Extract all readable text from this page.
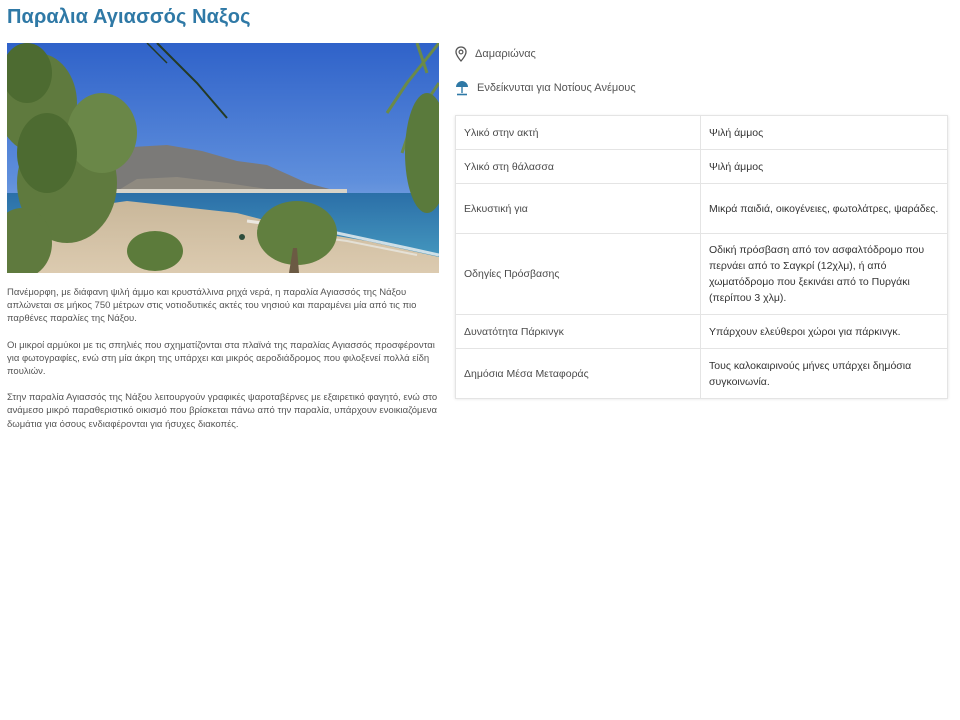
Παραλια Αγιασσός Ναξος

Πανέμορφη, με διάφανη ψιλή άμμο και κρυστάλλινα ρηχά νερά, η παραλία Αγιασσός της Νάξου απλώνεται σε μήκος 750 μέτρων στις νοτιοδυτικές ακτές του νησιού και παραμένει μία από τις πιο παρθένες παραλίες της Νάξου.

Οι μικροί αρμύκοι με τις σπηλιές που σχηματίζονται στα πλαϊνά της παραλίας Αγιασσός προσφέρονται για φωτογραφίες, ενώ στη μία άκρη της υπάρχει και μικρός αεροδιάδρομος που φιλοξενεί πολλά είδη πουλιών.

Στην παραλία Αγιασσός της Νάξου λειτουργούν γραφικές ψαροταβέρνες με εξαιρετικό φαγητό, ενώ στο ανάμεσο μικρό παραθεριστικό οικισμό που βρίσκεται πάνω από την παραλία, υπάρχουν ενοικιαζόμενα δωμάτια για όσους ενδιαφέρονται για ήσυχες διακοπές.

Δαμαριώνας
Ενδείκνυται για Νοτίους Ανέμους
Υλικό στην ακτή	Ψιλή άμμος
Υλικό στη θάλασσα	Ψιλή άμμος
Ελκυστική για	Μικρά παιδιά, οικογένειες, φωτολάτρες, ψαράδες.
Οδηγίες Πρόσβασης	Οδική πρόσβαση από τον ασφαλτόδρομο που περνάει από το Σαγκρί (12χλμ), ή από χωματόδρομο που ξεκινάει από το Πυργάκι (περίπου 3 χλμ).
Δυνατότητα Πάρκινγκ	Υπάρχουν ελεύθεροι χώροι για πάρκινγκ.
Δημόσια Μέσα Μεταφοράς	Τους καλοκαιρινούς μήνες υπάρχει δημόσια συγκοινωνία.
